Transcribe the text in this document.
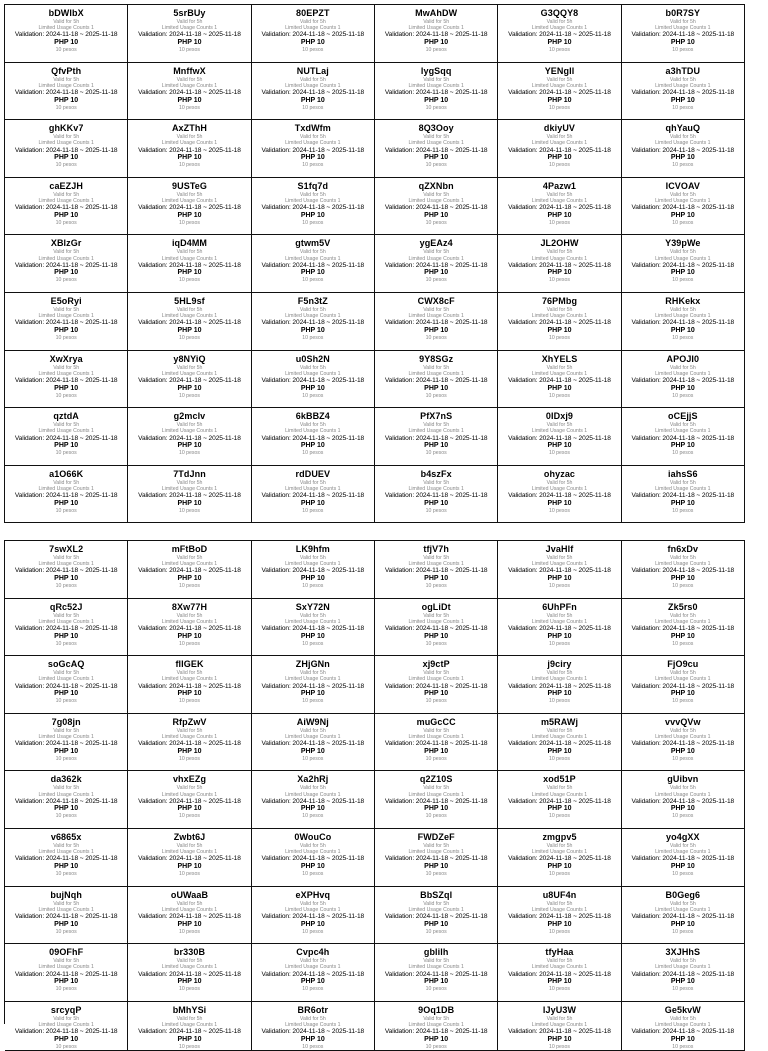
bDWlbX
Valid for 5h
Limited Usage Counts 1
Validation: 2024-11-18 ~ 2025-11-18
PHP 10
10 pesos
5srBUy
Valid for 5h
Limited Usage Counts 1
Validation: 2024-11-18 ~ 2025-11-18
PHP 10
10 pesos
80EPZT
Valid for 5h
Limited Usage Counts 1
Validation: 2024-11-18 ~ 2025-11-18
PHP 10
10 pesos
MwAhDW
Valid for 5h
Limited Usage Counts 1
Validation: 2024-11-18 ~ 2025-11-18
PHP 10
10 pesos
G3QQY8
Valid for 5h
Limited Usage Counts 1
Validation: 2024-11-18 ~ 2025-11-18
PHP 10
10 pesos
b0R7SY
Valid for 5h
Limited Usage Counts 1
Validation: 2024-11-18 ~ 2025-11-18
PHP 10
10 pesos
QfvPth
Valid for 5h
Limited Usage Counts 1
Validation: 2024-11-18 ~ 2025-11-18
PHP 10
10 pesos
MnffwX
Valid for 5h
Limited Usage Counts 1
Validation: 2024-11-18 ~ 2025-11-18
PHP 10
10 pesos
NUTLaj
Valid for 5h
Limited Usage Counts 1
Validation: 2024-11-18 ~ 2025-11-18
PHP 10
10 pesos
lygSqq
Valid for 5h
Limited Usage Counts 1
Validation: 2024-11-18 ~ 2025-11-18
PHP 10
10 pesos
YENgIl
Valid for 5h
Limited Usage Counts 1
Validation: 2024-11-18 ~ 2025-11-18
PHP 10
10 pesos
a3hTDU
Valid for 5h
Limited Usage Counts 1
Validation: 2024-11-18 ~ 2025-11-18
PHP 10
10 pesos
ghKKv7
Valid for 5h
Limited Usage Counts 1
Validation: 2024-11-18 ~ 2025-11-18
PHP 10
10 pesos
AxZThH
Valid for 5h
Limited Usage Counts 1
Validation: 2024-11-18 ~ 2025-11-18
PHP 10
10 pesos
TxdWfm
Valid for 5h
Limited Usage Counts 1
Validation: 2024-11-18 ~ 2025-11-18
PHP 10
10 pesos
8Q3Ooy
Valid for 5h
Limited Usage Counts 1
Validation: 2024-11-18 ~ 2025-11-18
PHP 10
10 pesos
dkiyUV
Valid for 5h
Limited Usage Counts 1
Validation: 2024-11-18 ~ 2025-11-18
PHP 10
10 pesos
qhYauQ
Valid for 5h
Limited Usage Counts 1
Validation: 2024-11-18 ~ 2025-11-18
PHP 10
10 pesos
caEZJH
Valid for 5h
Limited Usage Counts 1
Validation: 2024-11-18 ~ 2025-11-18
PHP 10
10 pesos
9USTeG
Valid for 5h
Limited Usage Counts 1
Validation: 2024-11-18 ~ 2025-11-18
PHP 10
10 pesos
S1fq7d
Valid for 5h
Limited Usage Counts 1
Validation: 2024-11-18 ~ 2025-11-18
PHP 10
10 pesos
qZXNbn
Valid for 5h
Limited Usage Counts 1
Validation: 2024-11-18 ~ 2025-11-18
PHP 10
10 pesos
4Pazw1
Valid for 5h
Limited Usage Counts 1
Validation: 2024-11-18 ~ 2025-11-18
PHP 10
10 pesos
ICVOAV
Valid for 5h
Limited Usage Counts 1
Validation: 2024-11-18 ~ 2025-11-18
PHP 10
10 pesos
XBlzGr
Valid for 5h
Limited Usage Counts 1
Validation: 2024-11-18 ~ 2025-11-18
PHP 10
10 pesos
iqD4MM
Valid for 5h
Limited Usage Counts 1
Validation: 2024-11-18 ~ 2025-11-18
PHP 10
10 pesos
gtwm5V
Valid for 5h
Limited Usage Counts 1
Validation: 2024-11-18 ~ 2025-11-18
PHP 10
10 pesos
ygEAz4
Valid for 5h
Limited Usage Counts 1
Validation: 2024-11-18 ~ 2025-11-18
PHP 10
10 pesos
JL2OHW
Valid for 5h
Limited Usage Counts 1
Validation: 2024-11-18 ~ 2025-11-18
PHP 10
10 pesos
Y39pWe
Valid for 5h
Limited Usage Counts 1
Validation: 2024-11-18 ~ 2025-11-18
PHP 10
10 pesos
E5oRyi
Valid for 5h
Limited Usage Counts 1
Validation: 2024-11-18 ~ 2025-11-18
PHP 10
10 pesos
5HL9sf
Valid for 5h
Limited Usage Counts 1
Validation: 2024-11-18 ~ 2025-11-18
PHP 10
10 pesos
F5n3tZ
Valid for 5h
Limited Usage Counts 1
Validation: 2024-11-18 ~ 2025-11-18
PHP 10
10 pesos
CWX8cF
Valid for 5h
Limited Usage Counts 1
Validation: 2024-11-18 ~ 2025-11-18
PHP 10
10 pesos
76PMbg
Valid for 5h
Limited Usage Counts 1
Validation: 2024-11-18 ~ 2025-11-18
PHP 10
10 pesos
RHKekx
Valid for 5h
Limited Usage Counts 1
Validation: 2024-11-18 ~ 2025-11-18
PHP 10
10 pesos
XwXrya
Valid for 5h
Limited Usage Counts 1
Validation: 2024-11-18 ~ 2025-11-18
PHP 10
10 pesos
y8NYiQ
Valid for 5h
Limited Usage Counts 1
Validation: 2024-11-18 ~ 2025-11-18
PHP 10
10 pesos
u0Sh2N
Valid for 5h
Limited Usage Counts 1
Validation: 2024-11-18 ~ 2025-11-18
PHP 10
10 pesos
9Y8SGz
Valid for 5h
Limited Usage Counts 1
Validation: 2024-11-18 ~ 2025-11-18
PHP 10
10 pesos
XhYELS
Valid for 5h
Limited Usage Counts 1
Validation: 2024-11-18 ~ 2025-11-18
PHP 10
10 pesos
APOJI0
Valid for 5h
Limited Usage Counts 1
Validation: 2024-11-18 ~ 2025-11-18
PHP 10
10 pesos
qztdA
Valid for 5h
Limited Usage Counts 1
Validation: 2024-11-18 ~ 2025-11-18
PHP 10
10 pesos
g2mclv
Valid for 5h
Limited Usage Counts 1
Validation: 2024-11-18 ~ 2025-11-18
PHP 10
10 pesos
6kBBZ4
Valid for 5h
Limited Usage Counts 1
Validation: 2024-11-18 ~ 2025-11-18
PHP 10
10 pesos
PfX7nS
Valid for 5h
Limited Usage Counts 1
Validation: 2024-11-18 ~ 2025-11-18
PHP 10
10 pesos
0IDxj9
Valid for 5h
Limited Usage Counts 1
Validation: 2024-11-18 ~ 2025-11-18
PHP 10
10 pesos
oCEjjS
Valid for 5h
Limited Usage Counts 1
Validation: 2024-11-18 ~ 2025-11-18
PHP 10
10 pesos
a1O66K
Valid for 5h
Limited Usage Counts 1
Validation: 2024-11-18 ~ 2025-11-18
PHP 10
10 pesos
7TdJnn
Valid for 5h
Limited Usage Counts 1
Validation: 2024-11-18 ~ 2025-11-18
PHP 10
10 pesos
rdDUEV
Valid for 5h
Limited Usage Counts 1
Validation: 2024-11-18 ~ 2025-11-18
PHP 10
10 pesos
b4szFx
Valid for 5h
Limited Usage Counts 1
Validation: 2024-11-18 ~ 2025-11-18
PHP 10
10 pesos
ohyzac
Valid for 5h
Limited Usage Counts 1
Validation: 2024-11-18 ~ 2025-11-18
PHP 10
10 pesos
iahsS6
Valid for 5h
Limited Usage Counts 1
Validation: 2024-11-18 ~ 2025-11-18
PHP 10
10 pesos
7swXL2
Valid for 5h
Limited Usage Counts 1
Validation: 2024-11-18 ~ 2025-11-18
PHP 10
10 pesos
mFtBoD
Valid for 5h
Limited Usage Counts 1
Validation: 2024-11-18 ~ 2025-11-18
PHP 10
10 pesos
LK9hfm
Valid for 5h
Limited Usage Counts 1
Validation: 2024-11-18 ~ 2025-11-18
PHP 10
10 pesos
tfjV7h
Valid for 5h
Limited Usage Counts 1
Validation: 2024-11-18 ~ 2025-11-18
PHP 10
10 pesos
JvaHlf
Valid for 5h
Limited Usage Counts 1
Validation: 2024-11-18 ~ 2025-11-18
PHP 10
10 pesos
fn6xDv
Valid for 5h
Limited Usage Counts 1
Validation: 2024-11-18 ~ 2025-11-18
PHP 10
10 pesos
qRc52J
Valid for 5h
Limited Usage Counts 1
Validation: 2024-11-18 ~ 2025-11-18
PHP 10
10 pesos
8Xw77H
Valid for 5h
Limited Usage Counts 1
Validation: 2024-11-18 ~ 2025-11-18
PHP 10
10 pesos
SxY72N
Valid for 5h
Limited Usage Counts 1
Validation: 2024-11-18 ~ 2025-11-18
PHP 10
10 pesos
ogLiDt
Valid for 5h
Limited Usage Counts 1
Validation: 2024-11-18 ~ 2025-11-18
PHP 10
10 pesos
6UhPFn
Valid for 5h
Limited Usage Counts 1
Validation: 2024-11-18 ~ 2025-11-18
PHP 10
10 pesos
Zk5rs0
Valid for 5h
Limited Usage Counts 1
Validation: 2024-11-18 ~ 2025-11-18
PHP 10
10 pesos
soGcAQ
Valid for 5h
Limited Usage Counts 1
Validation: 2024-11-18 ~ 2025-11-18
PHP 10
10 pesos
fllGEK
Valid for 5h
Limited Usage Counts 1
Validation: 2024-11-18 ~ 2025-11-18
PHP 10
10 pesos
ZHjGNn
Valid for 5h
Limited Usage Counts 1
Validation: 2024-11-18 ~ 2025-11-18
PHP 10
10 pesos
xj9ctP
Valid for 5h
Limited Usage Counts 1
Validation: 2024-11-18 ~ 2025-11-18
PHP 10
10 pesos
j9ciry
Valid for 5h
Limited Usage Counts 1
Validation: 2024-11-18 ~ 2025-11-18
PHP 10
10 pesos
FjO9cu
Valid for 5h
Limited Usage Counts 1
Validation: 2024-11-18 ~ 2025-11-18
PHP 10
10 pesos
7g08jn
Valid for 5h
Limited Usage Counts 1
Validation: 2024-11-18 ~ 2025-11-18
PHP 10
10 pesos
RfpZwV
Valid for 5h
Limited Usage Counts 1
Validation: 2024-11-18 ~ 2025-11-18
PHP 10
10 pesos
AiW9Nj
Valid for 5h
Limited Usage Counts 1
Validation: 2024-11-18 ~ 2025-11-18
PHP 10
10 pesos
muGcCC
Valid for 5h
Limited Usage Counts 1
Validation: 2024-11-18 ~ 2025-11-18
PHP 10
10 pesos
m5RAWj
Valid for 5h
Limited Usage Counts 1
Validation: 2024-11-18 ~ 2025-11-18
PHP 10
10 pesos
vvvQVw
Valid for 5h
Limited Usage Counts 1
Validation: 2024-11-18 ~ 2025-11-18
PHP 10
10 pesos
da362k
Valid for 5h
Limited Usage Counts 1
Validation: 2024-11-18 ~ 2025-11-18
PHP 10
10 pesos
vhxEZg
Valid for 5h
Limited Usage Counts 1
Validation: 2024-11-18 ~ 2025-11-18
PHP 10
10 pesos
Xa2hRj
Valid for 5h
Limited Usage Counts 1
Validation: 2024-11-18 ~ 2025-11-18
PHP 10
10 pesos
q2Z10S
Valid for 5h
Limited Usage Counts 1
Validation: 2024-11-18 ~ 2025-11-18
PHP 10
10 pesos
xod51P
Valid for 5h
Limited Usage Counts 1
Validation: 2024-11-18 ~ 2025-11-18
PHP 10
10 pesos
gUibvn
Valid for 5h
Limited Usage Counts 1
Validation: 2024-11-18 ~ 2025-11-18
PHP 10
10 pesos
v6865x
Valid for 5h
Limited Usage Counts 1
Validation: 2024-11-18 ~ 2025-11-18
PHP 10
10 pesos
Zwbt6J
Valid for 5h
Limited Usage Counts 1
Validation: 2024-11-18 ~ 2025-11-18
PHP 10
10 pesos
0WouCo
Valid for 5h
Limited Usage Counts 1
Validation: 2024-11-18 ~ 2025-11-18
PHP 10
10 pesos
FWDZeF
Valid for 5h
Limited Usage Counts 1
Validation: 2024-11-18 ~ 2025-11-18
PHP 10
10 pesos
zmgpv5
Valid for 5h
Limited Usage Counts 1
Validation: 2024-11-18 ~ 2025-11-18
PHP 10
10 pesos
yo4gXX
Valid for 5h
Limited Usage Counts 1
Validation: 2024-11-18 ~ 2025-11-18
PHP 10
10 pesos
bujNqh
Valid for 5h
Limited Usage Counts 1
Validation: 2024-11-18 ~ 2025-11-18
PHP 10
10 pesos
oUWaaB
Valid for 5h
Limited Usage Counts 1
Validation: 2024-11-18 ~ 2025-11-18
PHP 10
10 pesos
eXPHvq
Valid for 5h
Limited Usage Counts 1
Validation: 2024-11-18 ~ 2025-11-18
PHP 10
10 pesos
BbSZql
Valid for 5h
Limited Usage Counts 1
Validation: 2024-11-18 ~ 2025-11-18
PHP 10
10 pesos
u8UF4n
Valid for 5h
Limited Usage Counts 1
Validation: 2024-11-18 ~ 2025-11-18
PHP 10
10 pesos
B0Geg6
Valid for 5h
Limited Usage Counts 1
Validation: 2024-11-18 ~ 2025-11-18
PHP 10
10 pesos
09OFhF
Valid for 5h
Limited Usage Counts 1
Validation: 2024-11-18 ~ 2025-11-18
PHP 10
10 pesos
br330B
Valid for 5h
Limited Usage Counts 1
Validation: 2024-11-18 ~ 2025-11-18
PHP 10
10 pesos
Cvpc4h
Valid for 5h
Limited Usage Counts 1
Validation: 2024-11-18 ~ 2025-11-18
PHP 10
10 pesos
gblilh
Valid for 5h
Limited Usage Counts 1
Validation: 2024-11-18 ~ 2025-11-18
PHP 10
10 pesos
tfyHaa
Valid for 5h
Limited Usage Counts 1
Validation: 2024-11-18 ~ 2025-11-18
PHP 10
10 pesos
3XJHhS
Valid for 5h
Limited Usage Counts 1
Validation: 2024-11-18 ~ 2025-11-18
PHP 10
10 pesos
srcyqP
Valid for 5h
Limited Usage Counts 1
Validation: 2024-11-18 ~ 2025-11-18
PHP 10
10 pesos
bMhYSi
Valid for 5h
Limited Usage Counts 1
Validation: 2024-11-18 ~ 2025-11-18
PHP 10
10 pesos
BR6otr
Valid for 5h
Limited Usage Counts 1
Validation: 2024-11-18 ~ 2025-11-18
PHP 10
10 pesos
9Oq1DB
Valid for 5h
Limited Usage Counts 1
Validation: 2024-11-18 ~ 2025-11-18
PHP 10
10 pesos
lJyU3W
Valid for 5h
Limited Usage Counts 1
Validation: 2024-11-18 ~ 2025-11-18
PHP 10
10 pesos
Ge5kvW
Valid for 5h
Limited Usage Counts 1
Validation: 2024-11-18 ~ 2025-11-18
PHP 10
10 pesos
